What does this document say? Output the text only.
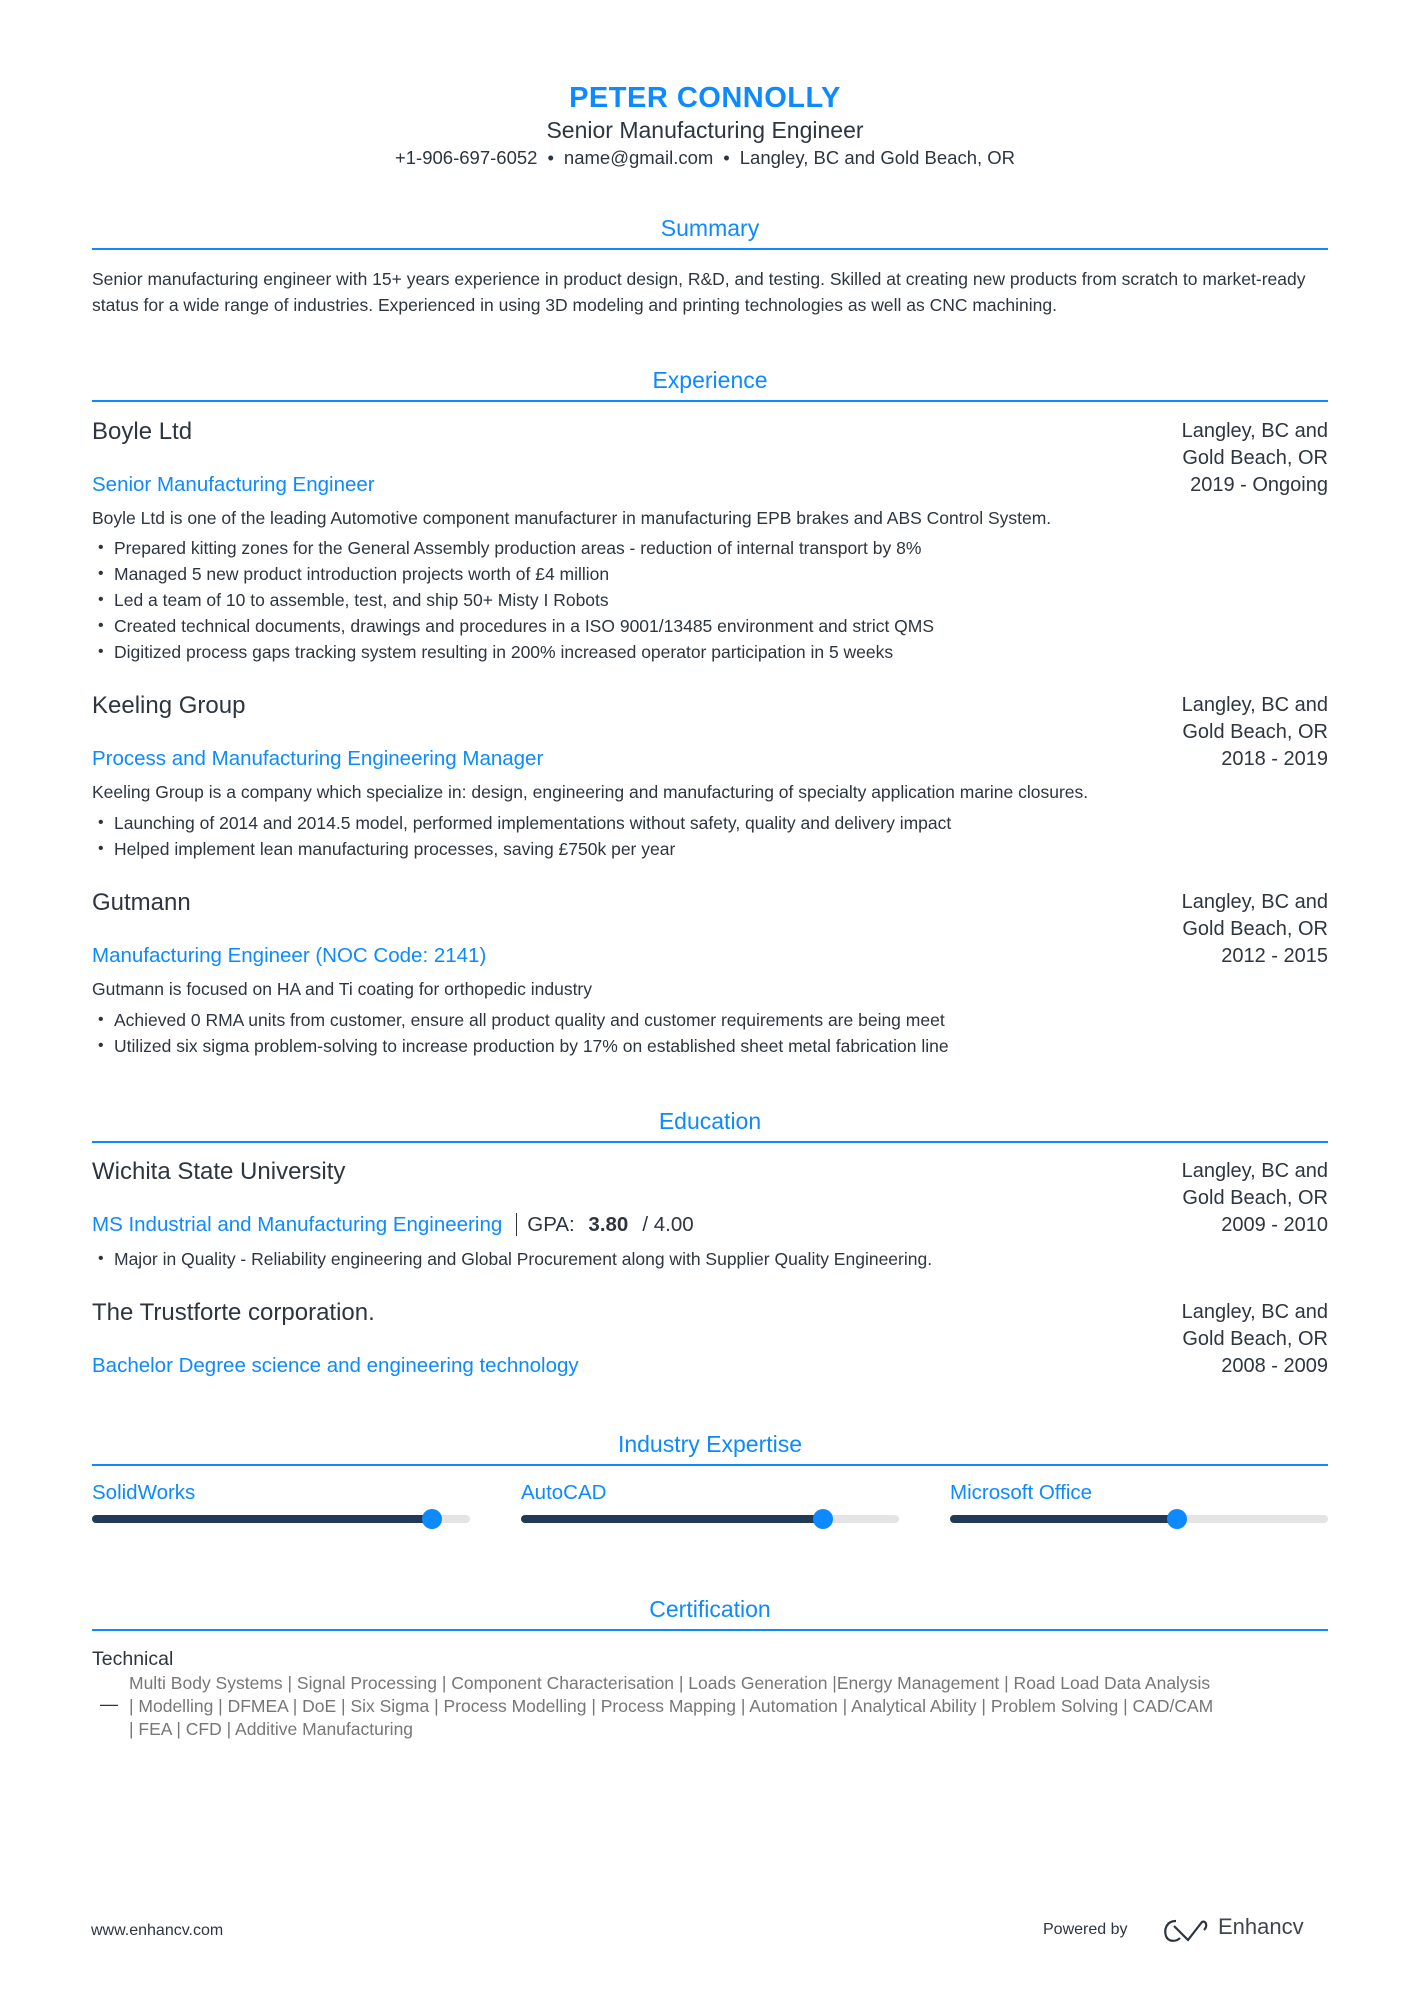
PETER CONNOLLY
Senior Manufacturing Engineer
+1-906-697-6052 • name@gmail.com • Langley, BC and Gold Beach, OR
Summary
Senior manufacturing engineer with 15+ years experience in product design, R&D, and testing. Skilled at creating new products from scratch to market-ready status for a wide range of industries. Experienced in using 3D modeling and printing technologies as well as CNC machining.
Experience
Boyle Ltd	Langley, BC and
Gold Beach, OR
2019 - Ongoing
Senior Manufacturing Engineer
Boyle Ltd is one of the leading Automotive component manufacturer in manufacturing EPB brakes and ABS Control System.
• Prepared kitting zones for the General Assembly production areas - reduction of internal transport by 8%
• Managed 5 new product introduction projects worth of £4 million
• Led a team of 10 to assemble, test, and ship 50+ Misty I Robots
• Created technical documents, drawings and procedures in a ISO 9001/13485 environment and strict QMS
• Digitized process gaps tracking system resulting in 200% increased operator participation in 5 weeks
Keeling Group	Langley, BC and
Gold Beach, OR
2018 - 2019
Process and Manufacturing Engineering Manager
Keeling Group is a company which specialize in: design, engineering and manufacturing of specialty application marine closures.
• Launching of 2014 and 2014.5 model, performed implementations without safety, quality and delivery impact
• Helped implement lean manufacturing processes, saving £750k per year
Gutmann	Langley, BC and
Gold Beach, OR
2012 - 2015
Manufacturing Engineer (NOC Code: 2141)
Gutmann is focused on HA and Ti coating for orthopedic industry
• Achieved 0 RMA units from customer, ensure all product quality and customer requirements are being meet
• Utilized six sigma problem-solving to increase production by 17% on established sheet metal fabrication line
Education
Wichita State University	Langley, BC and
Gold Beach, OR
2009 - 2010
MS Industrial and Manufacturing Engineering GPA: 3.80 / 4.00
• Major in Quality - Reliability engineering and Global Procurement along with Supplier Quality Engineering.
The Trustforte corporation.	Langley, BC and
Gold Beach, OR
2008 - 2009
Bachelor Degree science and engineering technology
Industry Expertise
SolidWorks	AutoCAD	Microsoft Office
Certification
Technical
—
Multi Body Systems | Signal Processing | Component Characterisation | Loads Generation |Energy Management | Road Load Data Analysis
| Modelling | DFMEA | DoE | Six Sigma | Process Modelling | Process Mapping | Automation | Analytical Ability | Problem Solving | CAD/CAM
| FEA | CFD | Additive Manufacturing
www.enhancv.com	Powered by	Enhancv
